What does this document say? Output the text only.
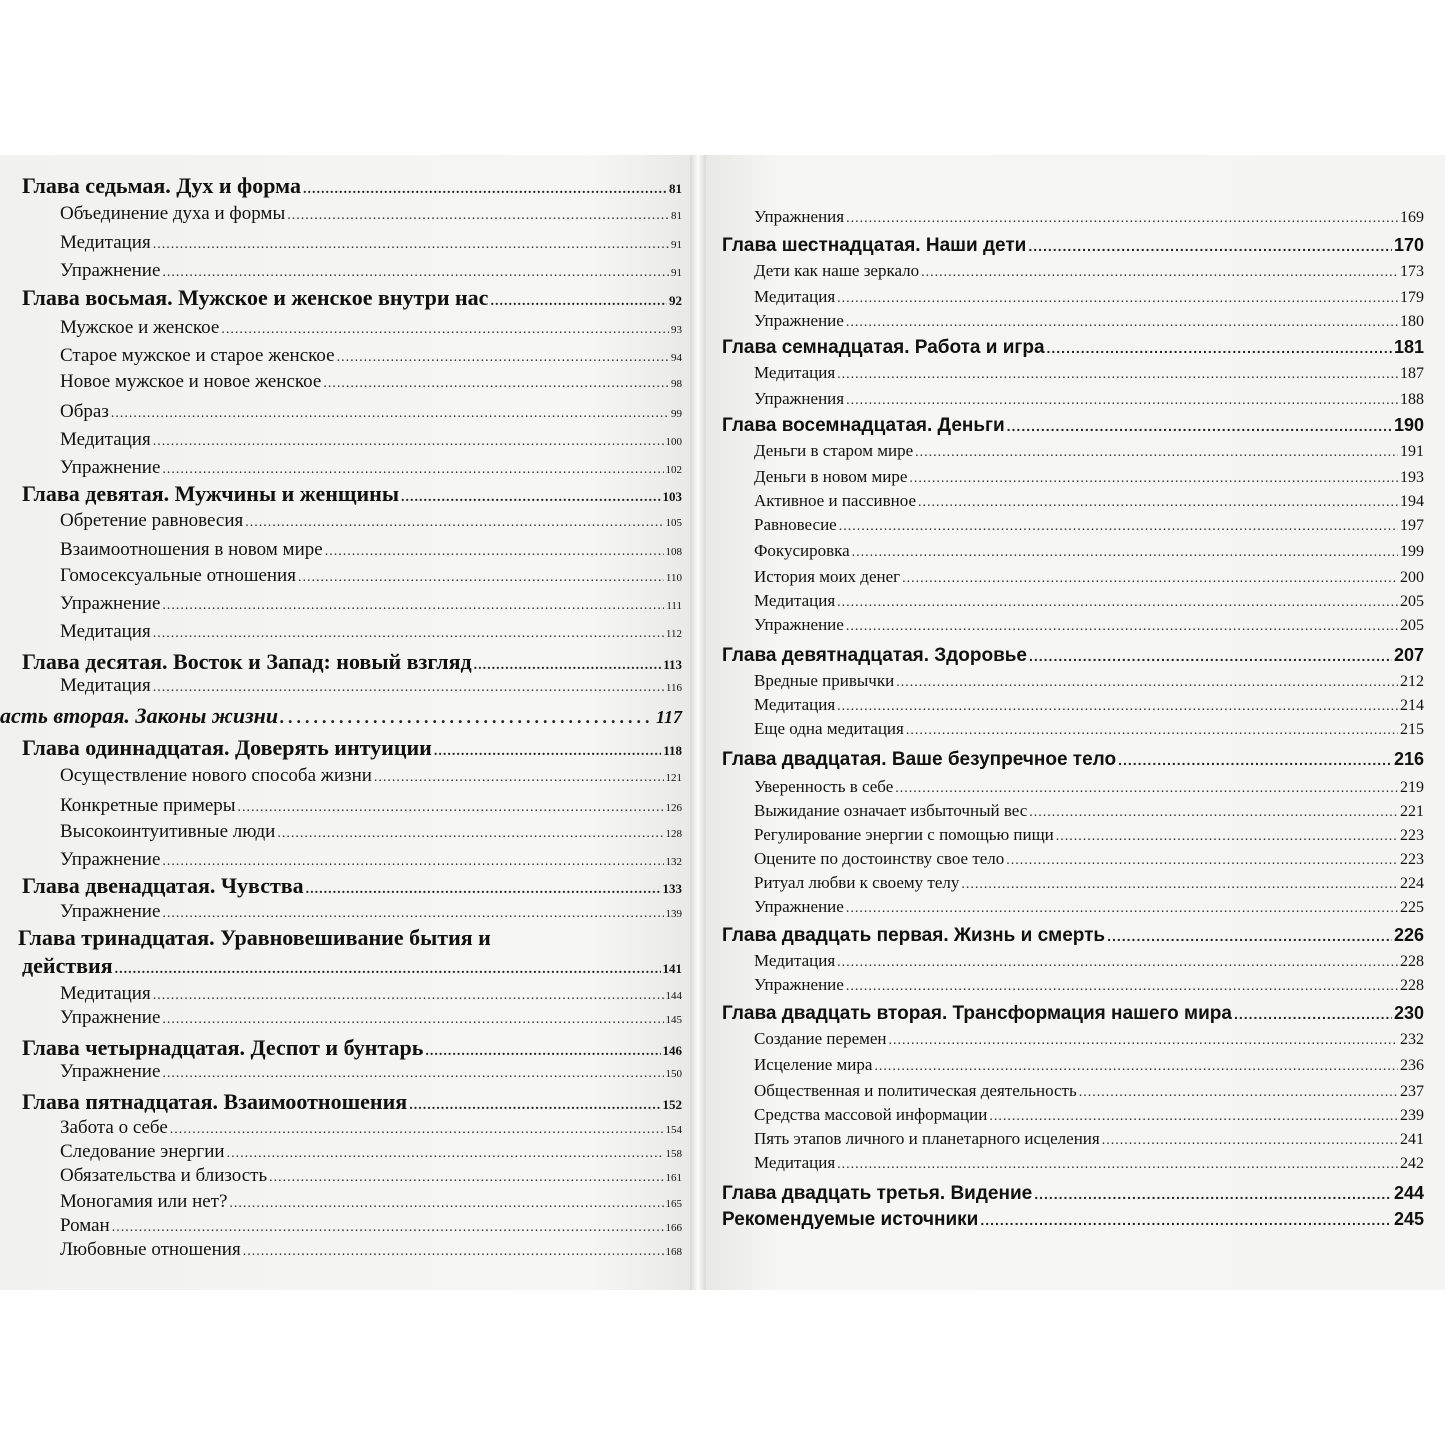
Глава седьмая. Дух и форма .....	81
Объединение духа и формы .....	81
Медитация .....	91
Упражнение .....	91
Глава восьмая. Мужское и женское внутри нас .....	92
Мужское и женское .....	93
Старое мужское и старое женское .....	94
Новое мужское и новое женское .....	98
Образ .....	99
Медитация .....	100
Упражнение .....	102
Глава девятая. Мужчины и женщины .....	103
Обретение равновесия .....	105
Взаимоотношения в новом мире .....	108
Гомосексуальные отношения .....	110
Упражнение .....	111
Медитация .....	112
Глава десятая. Восток и Запад: новый взгляд .....	113
Медитация .....	116
асть вторая. Законы жизни .....	117
Глава одиннадцатая. Доверять интуиции .....	118
Осуществление нового способа жизни .....	121
Конкретные примеры .....	126
Высокоинтуитивные люди .....	128
Упражнение .....	132
Глава двенадцатая. Чувства .....	133
Упражнение .....	139
Глава тринадцатая. Уравновешивание бытия и
действия .....	141
Медитация .....	144
Упражнение .....	145
Глава четырнадцатая. Деспот и бунтарь .....	146
Упражнение .....	150
Глава пятнадцатая. Взаимоотношения .....	152
Забота о себе .....	154
Следование энергии .....	158
Обязательства и близость .....	161
Моногамия или нет? .....	165
Роман .....	166
Любовные отношения .....	168
Упражнения .....	169
Глава шестнадцатая. Наши дети .....	170
Дети как наше зеркало .....	173
Медитация .....	179
Упражнение .....	180
Глава семнадцатая. Работа и игра .....	181
Медитация .....	187
Упражнения .....	188
Глава восемнадцатая. Деньги .....	190
Деньги в старом мире .....	191
Деньги в новом мире .....	193
Активное и пассивное .....	194
Равновесие .....	197
Фокусировка .....	199
История моих денег .....	200
Медитация .....	205
Упражнение .....	205
Глава девятнадцатая. Здоровье .....	207
Вредные привычки .....	212
Медитация .....	214
Еще одна медитация .....	215
Глава двадцатая. Ваше безупречное тело .....	216
Уверенность в себе .....	219
Выжидание означает избыточный вес .....	221
Регулирование энергии с помощью пищи .....	223
Оцените по достоинству свое тело .....	223
Ритуал любви к своему телу .....	224
Упражнение .....	225
Глава двадцать первая. Жизнь и смерть .....	226
Медитация .....	228
Упражнение .....	228
Глава двадцать вторая. Трансформация нашего мира .....	230
Создание перемен .....	232
Исцеление мира .....	236
Общественная и политическая деятельность .....	237
Средства массовой информации .....	239
Пять этапов личного и планетарного исцеления .....	241
Медитация .....	242
Глава двадцать третья. Видение .....	244
Рекомендуемые источники .....	245
